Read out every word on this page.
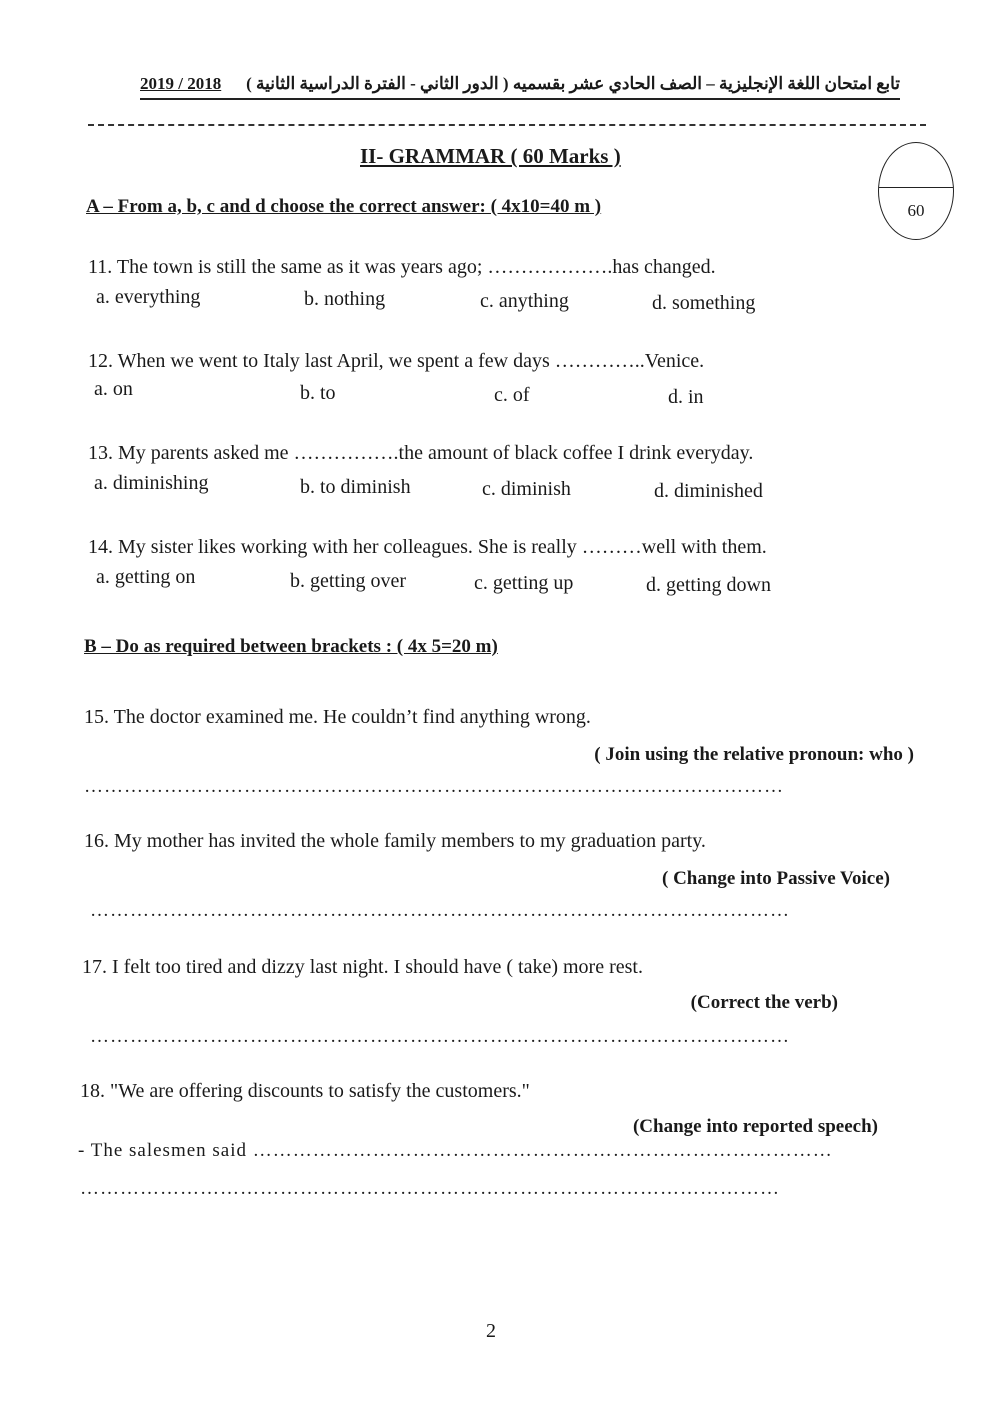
تابع امتحان اللغة الإنجليزية – الصف الحادي عشر بقسميه ( الدور الثاني - الفترة الدراسية الثانية )
2019 / 2018
II- GRAMMAR ( 60 Marks )
60
A – From a, b, c and d choose the correct answer: ( 4x10=40 m )
11. The town is still the same as it was years ago; ……………….has changed.
a. everything	b. nothing	c. anything	d. something
12. When we went to Italy last April, we spent a few days …………..Venice.
a. on	b. to	c. of	d. in
13. My parents asked me …………….the amount of black coffee I drink everyday.
a. diminishing	b. to diminish	c. diminish	d. diminished
14. My sister likes working with her colleagues. She is really ………well with them.
a. getting on	b. getting over	c. getting up	d. getting down
B – Do as required between brackets : ( 4x 5=20 m)
15. The doctor examined me. He couldn’t find anything wrong.
( Join using the relative pronoun: who )
……………………………………………………………………………………………
16. My mother has invited the whole family members to my graduation party.
( Change into Passive Voice)
……………………………………………………………………………………………
17. I felt too tired and dizzy last night. I should have ( take) more rest.
(Correct the verb)
……………………………………………………………………………………………
18. "We are offering discounts to satisfy the customers."
(Change into reported speech)
- The salesmen said ……………………………………………………………………………
……………………………………………………………………………………………
2
